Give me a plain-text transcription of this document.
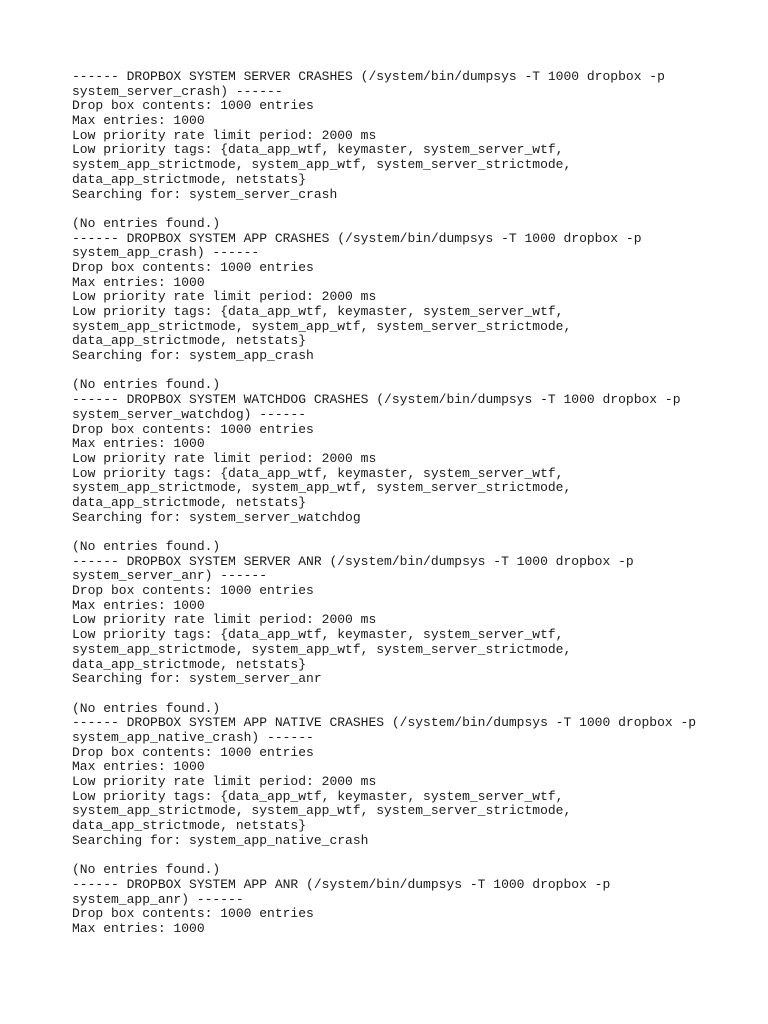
------ DROPBOX SYSTEM SERVER CRASHES (/system/bin/dumpsys -T 1000 dropbox -p
system_server_crash) ------
Drop box contents: 1000 entries
Max entries: 1000
Low priority rate limit period: 2000 ms
Low priority tags: {data_app_wtf, keymaster, system_server_wtf,
system_app_strictmode, system_app_wtf, system_server_strictmode,
data_app_strictmode, netstats}
Searching for: system_server_crash
(No entries found.)
------ DROPBOX SYSTEM APP CRASHES (/system/bin/dumpsys -T 1000 dropbox -p
system_app_crash) ------
Drop box contents: 1000 entries
Max entries: 1000
Low priority rate limit period: 2000 ms
Low priority tags: {data_app_wtf, keymaster, system_server_wtf,
system_app_strictmode, system_app_wtf, system_server_strictmode,
data_app_strictmode, netstats}
Searching for: system_app_crash
(No entries found.)
------ DROPBOX SYSTEM WATCHDOG CRASHES (/system/bin/dumpsys -T 1000 dropbox -p
system_server_watchdog) ------
Drop box contents: 1000 entries
Max entries: 1000
Low priority rate limit period: 2000 ms
Low priority tags: {data_app_wtf, keymaster, system_server_wtf,
system_app_strictmode, system_app_wtf, system_server_strictmode,
data_app_strictmode, netstats}
Searching for: system_server_watchdog
(No entries found.)
------ DROPBOX SYSTEM SERVER ANR (/system/bin/dumpsys -T 1000 dropbox -p
system_server_anr) ------
Drop box contents: 1000 entries
Max entries: 1000
Low priority rate limit period: 2000 ms
Low priority tags: {data_app_wtf, keymaster, system_server_wtf,
system_app_strictmode, system_app_wtf, system_server_strictmode,
data_app_strictmode, netstats}
Searching for: system_server_anr
(No entries found.)
------ DROPBOX SYSTEM APP NATIVE CRASHES (/system/bin/dumpsys -T 1000 dropbox -p
system_app_native_crash) ------
Drop box contents: 1000 entries
Max entries: 1000
Low priority rate limit period: 2000 ms
Low priority tags: {data_app_wtf, keymaster, system_server_wtf,
system_app_strictmode, system_app_wtf, system_server_strictmode,
data_app_strictmode, netstats}
Searching for: system_app_native_crash
(No entries found.)
------ DROPBOX SYSTEM APP ANR (/system/bin/dumpsys -T 1000 dropbox -p
system_app_anr) ------
Drop box contents: 1000 entries
Max entries: 1000
